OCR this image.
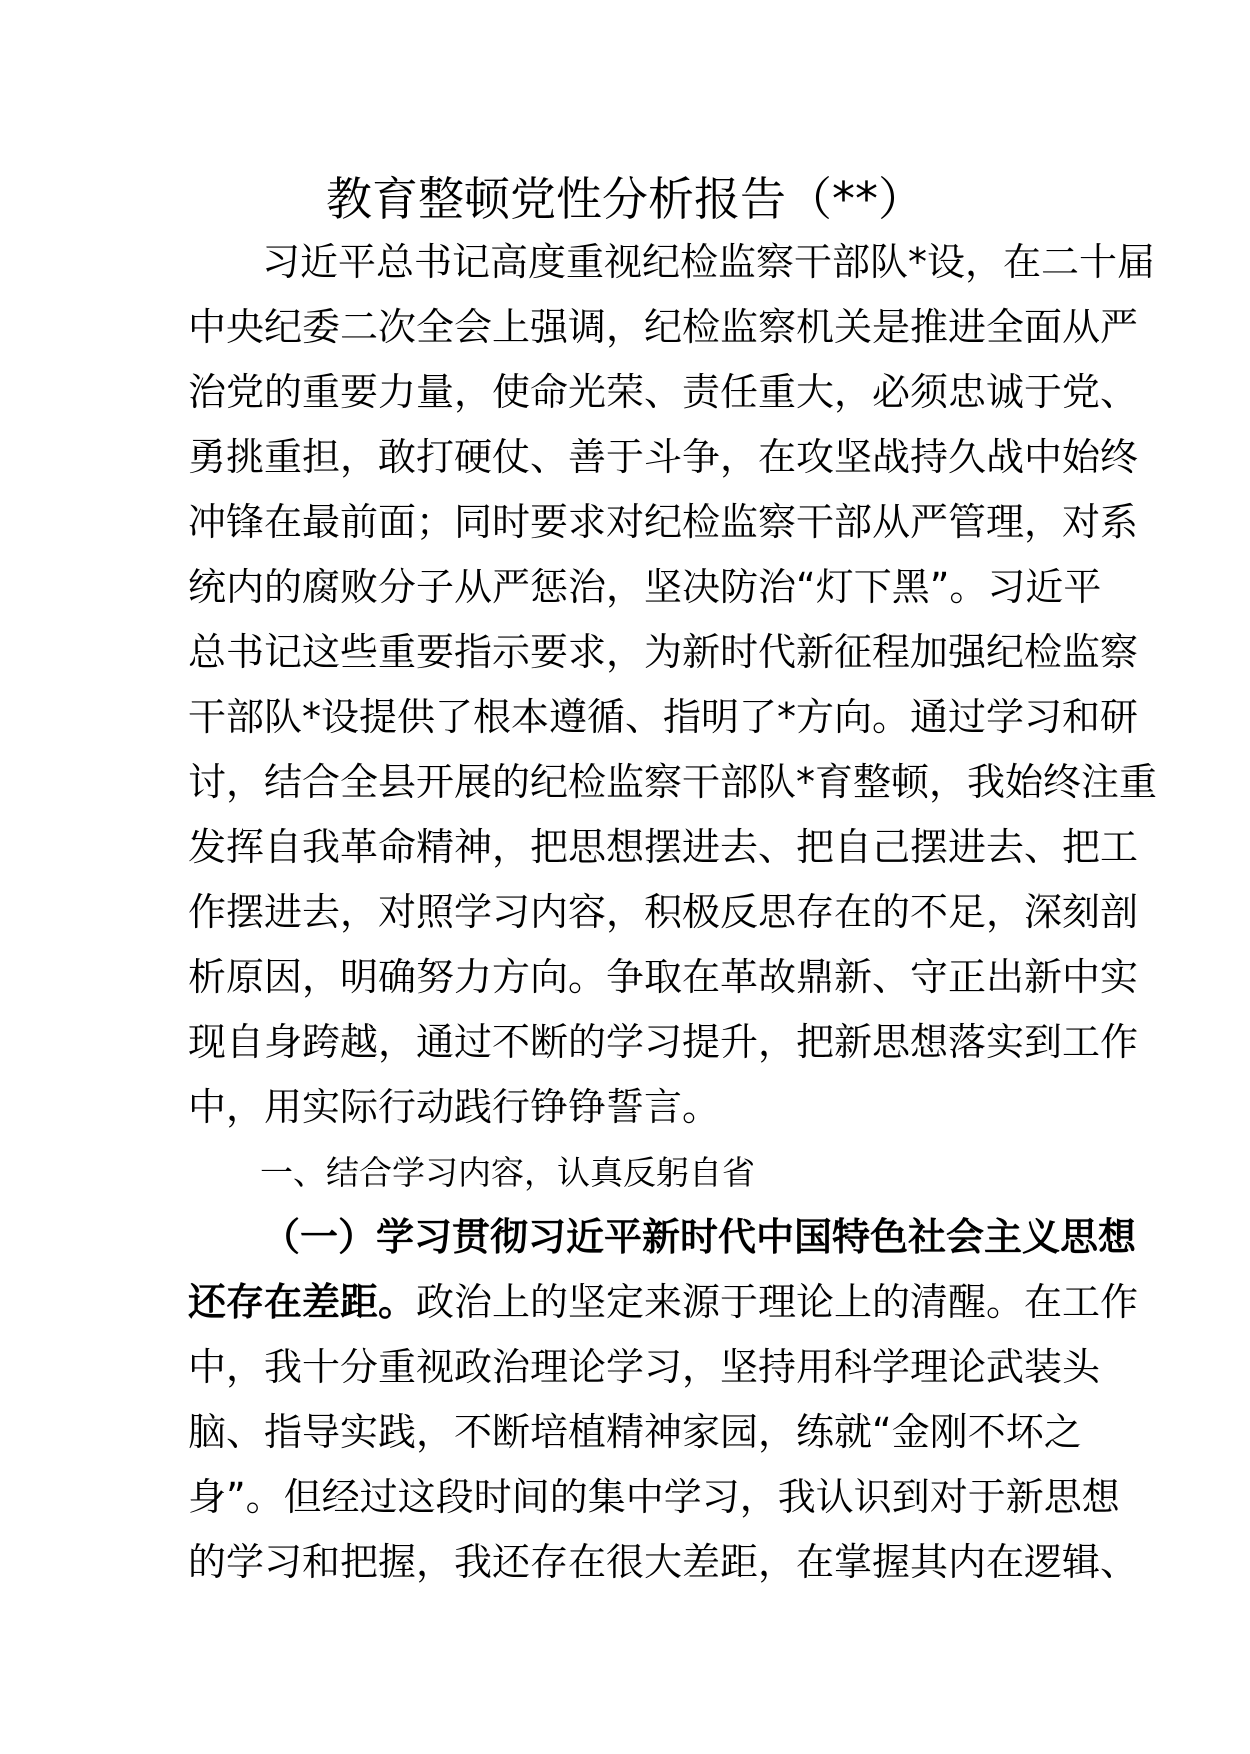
教育整顿党性分析报告（**）
习近平总书记高度重视纪检监察干部队*设，在二十届
中央纪委二次全会上强调，纪检监察机关是推进全面从严
治党的重要力量，使命光荣、责任重大，必须忠诚于党、
勇挑重担，敢打硬仗、善于斗争，在攻坚战持久战中始终
冲锋在最前面；同时要求对纪检监察干部从严管理，对系
统内的腐败分子从严惩治，坚决防治“灯下黑”。习近平
总书记这些重要指示要求，为新时代新征程加强纪检监察
干部队*设提供了根本遵循、指明了*方向。通过学习和研
讨，结合全县开展的纪检监察干部队*育整顿，我始终注重
发挥自我革命精神，把思想摆进去、把自己摆进去、把工
作摆进去，对照学习内容，积极反思存在的不足，深刻剖
析原因，明确努力方向。争取在革故鼎新、守正出新中实
现自身跨越，通过不断的学习提升，把新思想落实到工作
中，用实际行动践行铮铮誓言。
一、结合学习内容，认真反躬自省
（一）学习贯彻习近平新时代中国特色社会主义思想
还存在差距。政治上的坚定来源于理论上的清醒。在工作
中，我十分重视政治理论学习，坚持用科学理论武装头
脑、指导实践，不断培植精神家园，练就“金刚不坏之
身”。但经过这段时间的集中学习，我认识到对于新思想
的学习和把握，我还存在很大差距，在掌握其内在逻辑、
